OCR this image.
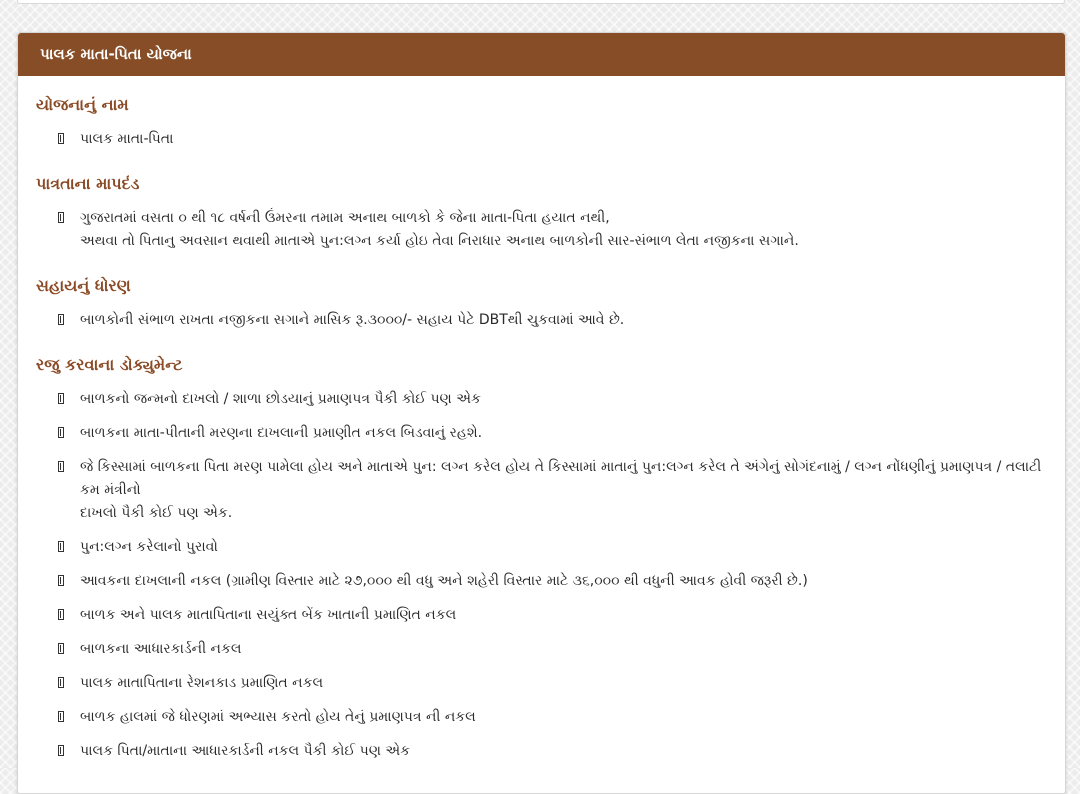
પાલક માતા-પિતા યોજના
યોજનાનું નામ
પાલક માતા-પિતા
પાત્રતાના માપદંડ
ગુજરાતમાં વસતા ૦ થી ૧૮ વર્ષની ઉંમરના તમામ અનાથ બાળકો કે જેના માતા-પિતા હયાત નથી,
અથવા તો પિતાનુ અવસાન થવાથી માતાએ પુન:લગ્ન કર્યા હોઇ તેવા નિરાધાર અનાથ બાળકોની સાર-સંભાળ લેતા નજીકના સગાને.
સહાયનું ધોરણ
બાળકોની સંભાળ રાખતા નજીકના સગાને માસિક રૂ.૩૦૦૦/- સહાય પેટે DBTથી ચુકવામાં આવે છે.
રજુ કરવાના ડોક્યુમેન્ટ
બાળકનો જન્મનો દાખલો / શાળા છોડયાનું પ્રમાણપત્ર પૈકી કોઈ પણ એક
બાળકના માતા-પીતાની મરણના દાખલાની પ્રમાણીત નકલ બિડવાનું રહશે.
જે કિસ્સામાં બાળકના પિતા મરણ પામેલા હોય અને માતાએ પુન: લગ્ન કરેલ હોય તે કિસ્સામાં માતાનું પુન:લગ્ન કરેલ તે અંગેનું સોગંદનામું / લગ્ન નોંધણીનું પ્રમાણપત્ર / તલાટી કમ મંત્રીનો
દાખલો પૈકી કોઈ પણ એક.
પુન:લગ્ન કરેલાનો પુરાવો
આવકના દાખલાની નકલ (ગ્રામીણ વિસ્તાર માટે ૨૭,૦૦૦ થી વધુ અને શહેરી વિસ્તાર માટે ૩૬,૦૦૦ થી વધુની આવક હોવી જરૂરી છે.)
બાળક અને પાલક માતાપિતાના સયુંક્ત બેંક ખાતાની પ્રમાણિત નકલ
બાળકના આધારકાર્ડની નકલ
પાલક માતાપિતાના રેશનકાડ પ્રમાણિત નકલ
બાળક હાલમાં જે ધોરણમાં અભ્યાસ કરતો હોય તેનું પ્રમાણપત્ર ની નકલ
પાલક પિતા/માતાના આધારકાર્ડની નકલ પૈકી કોઈ પણ એક
